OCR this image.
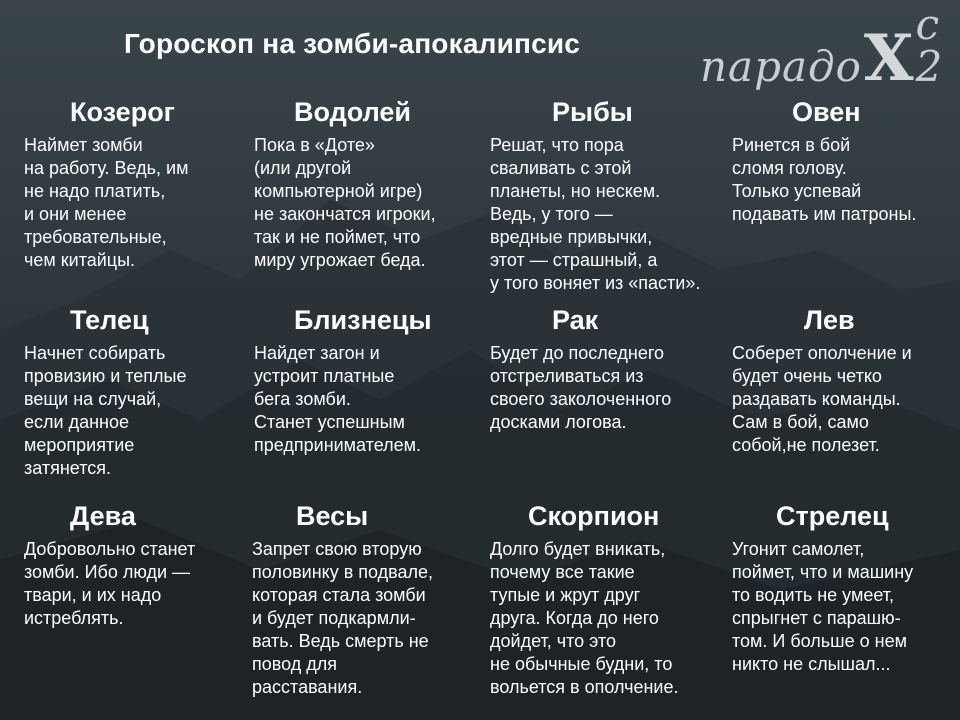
Гороскоп на зомби-апокалипсис	парадо X с 2
Козерог

Наймет зомби
на работу. Ведь, им
не надо платить,
и они менее
требовательные,
чем китайцы.

Водолей

Пока в «Доте»
(или другой
компьютерной игре)
не закончатся игроки,
так и не поймет, что
миру угрожает беда.

Рыбы

Решат, что пора
сваливать с этой
планеты, но нескем.
Ведь, у того —
вредные привычки,
этот — страшный, а
у того воняет из «пасти».

Овен

Ринется в бой
сломя голову.
Только успевай
подавать им патроны.

Телец

Начнет собирать
провизию и теплые
вещи на случай,
если данное
мероприятие
затянется.

Близнецы

Найдет загон и
устроит платные
бега зомби.
Станет успешным
предпринимателем.

Рак

Будет до последнего
отстреливаться из
своего заколоченного
досками логова.

Лев

Соберет ополчение и
будет очень четко
раздавать команды.
Сам в бой, само
собой,не полезет.

Дева

Добровольно станет
зомби. Ибо люди —
твари, и их надо
истреблять.

Весы

Запрет свою вторую
половинку в подвале,
которая стала зомби
и будет подкармли-
вать. Ведь смерть не
повод для
расставания.

Скорпион

Долго будет вникать,
почему все такие
тупые и жрут друг
друга. Когда до него
дойдет, что это
не обычные будни, то
вольется в ополчение.

Стрелец

Угонит самолет,
поймет, что и машину
то водить не умеет,
спрыгнет с парашю-
том. И больше о нем
никто не слышал...
